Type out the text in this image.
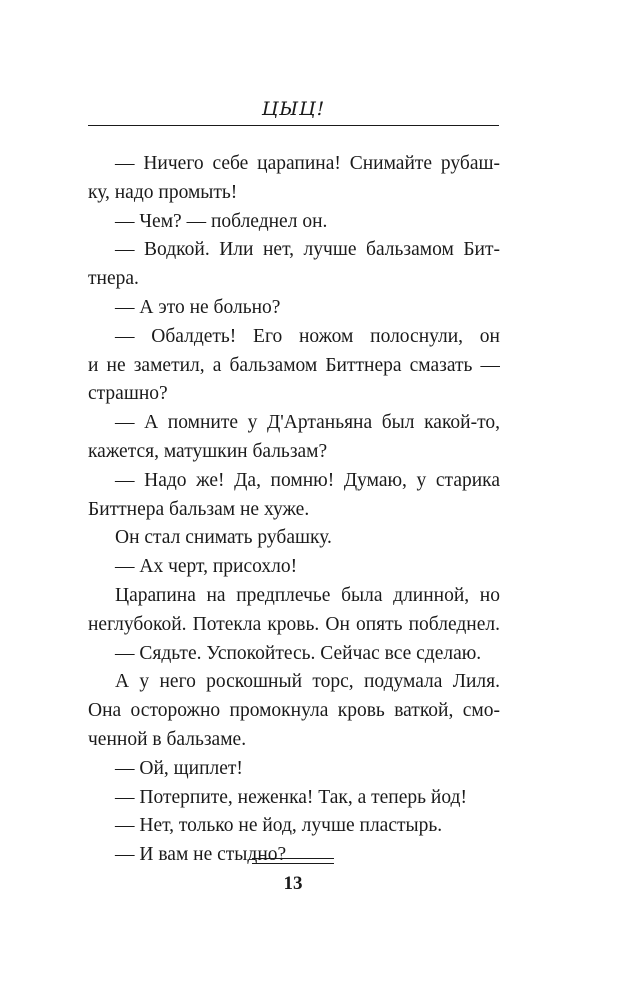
ЦЫЦ!
— Ничего себе царапина! Снимайте рубаш-
ку, надо промыть!
— Чем? — побледнел он.
— Водкой. Или нет, лучше бальзамом Бит-
тнера.
— А это не больно?
— Обалдеть! Его ножом полоснули, он
и не заметил, а бальзамом Биттнера смазать —
страшно?
— А помните у Д'Артаньяна был какой-то,
кажется, матушкин бальзам?
— Надо же! Да, помню! Думаю, у старика
Биттнера бальзам не хуже.
Он стал снимать рубашку.
— Ах черт, присохло!
Царапина на предплечье была длинной, но
неглубокой. Потекла кровь. Он опять побледнел.
— Сядьте. Успокойтесь. Сейчас все сделаю.
А у него роскошный торс, подумала Лиля.
Она осторожно промокнула кровь ваткой, смо-
ченной в бальзаме.
— Ой, щиплет!
— Потерпите, неженка! Так, а теперь йод!
— Нет, только не йод, лучше пластырь.
— И вам не стыдно?
13
